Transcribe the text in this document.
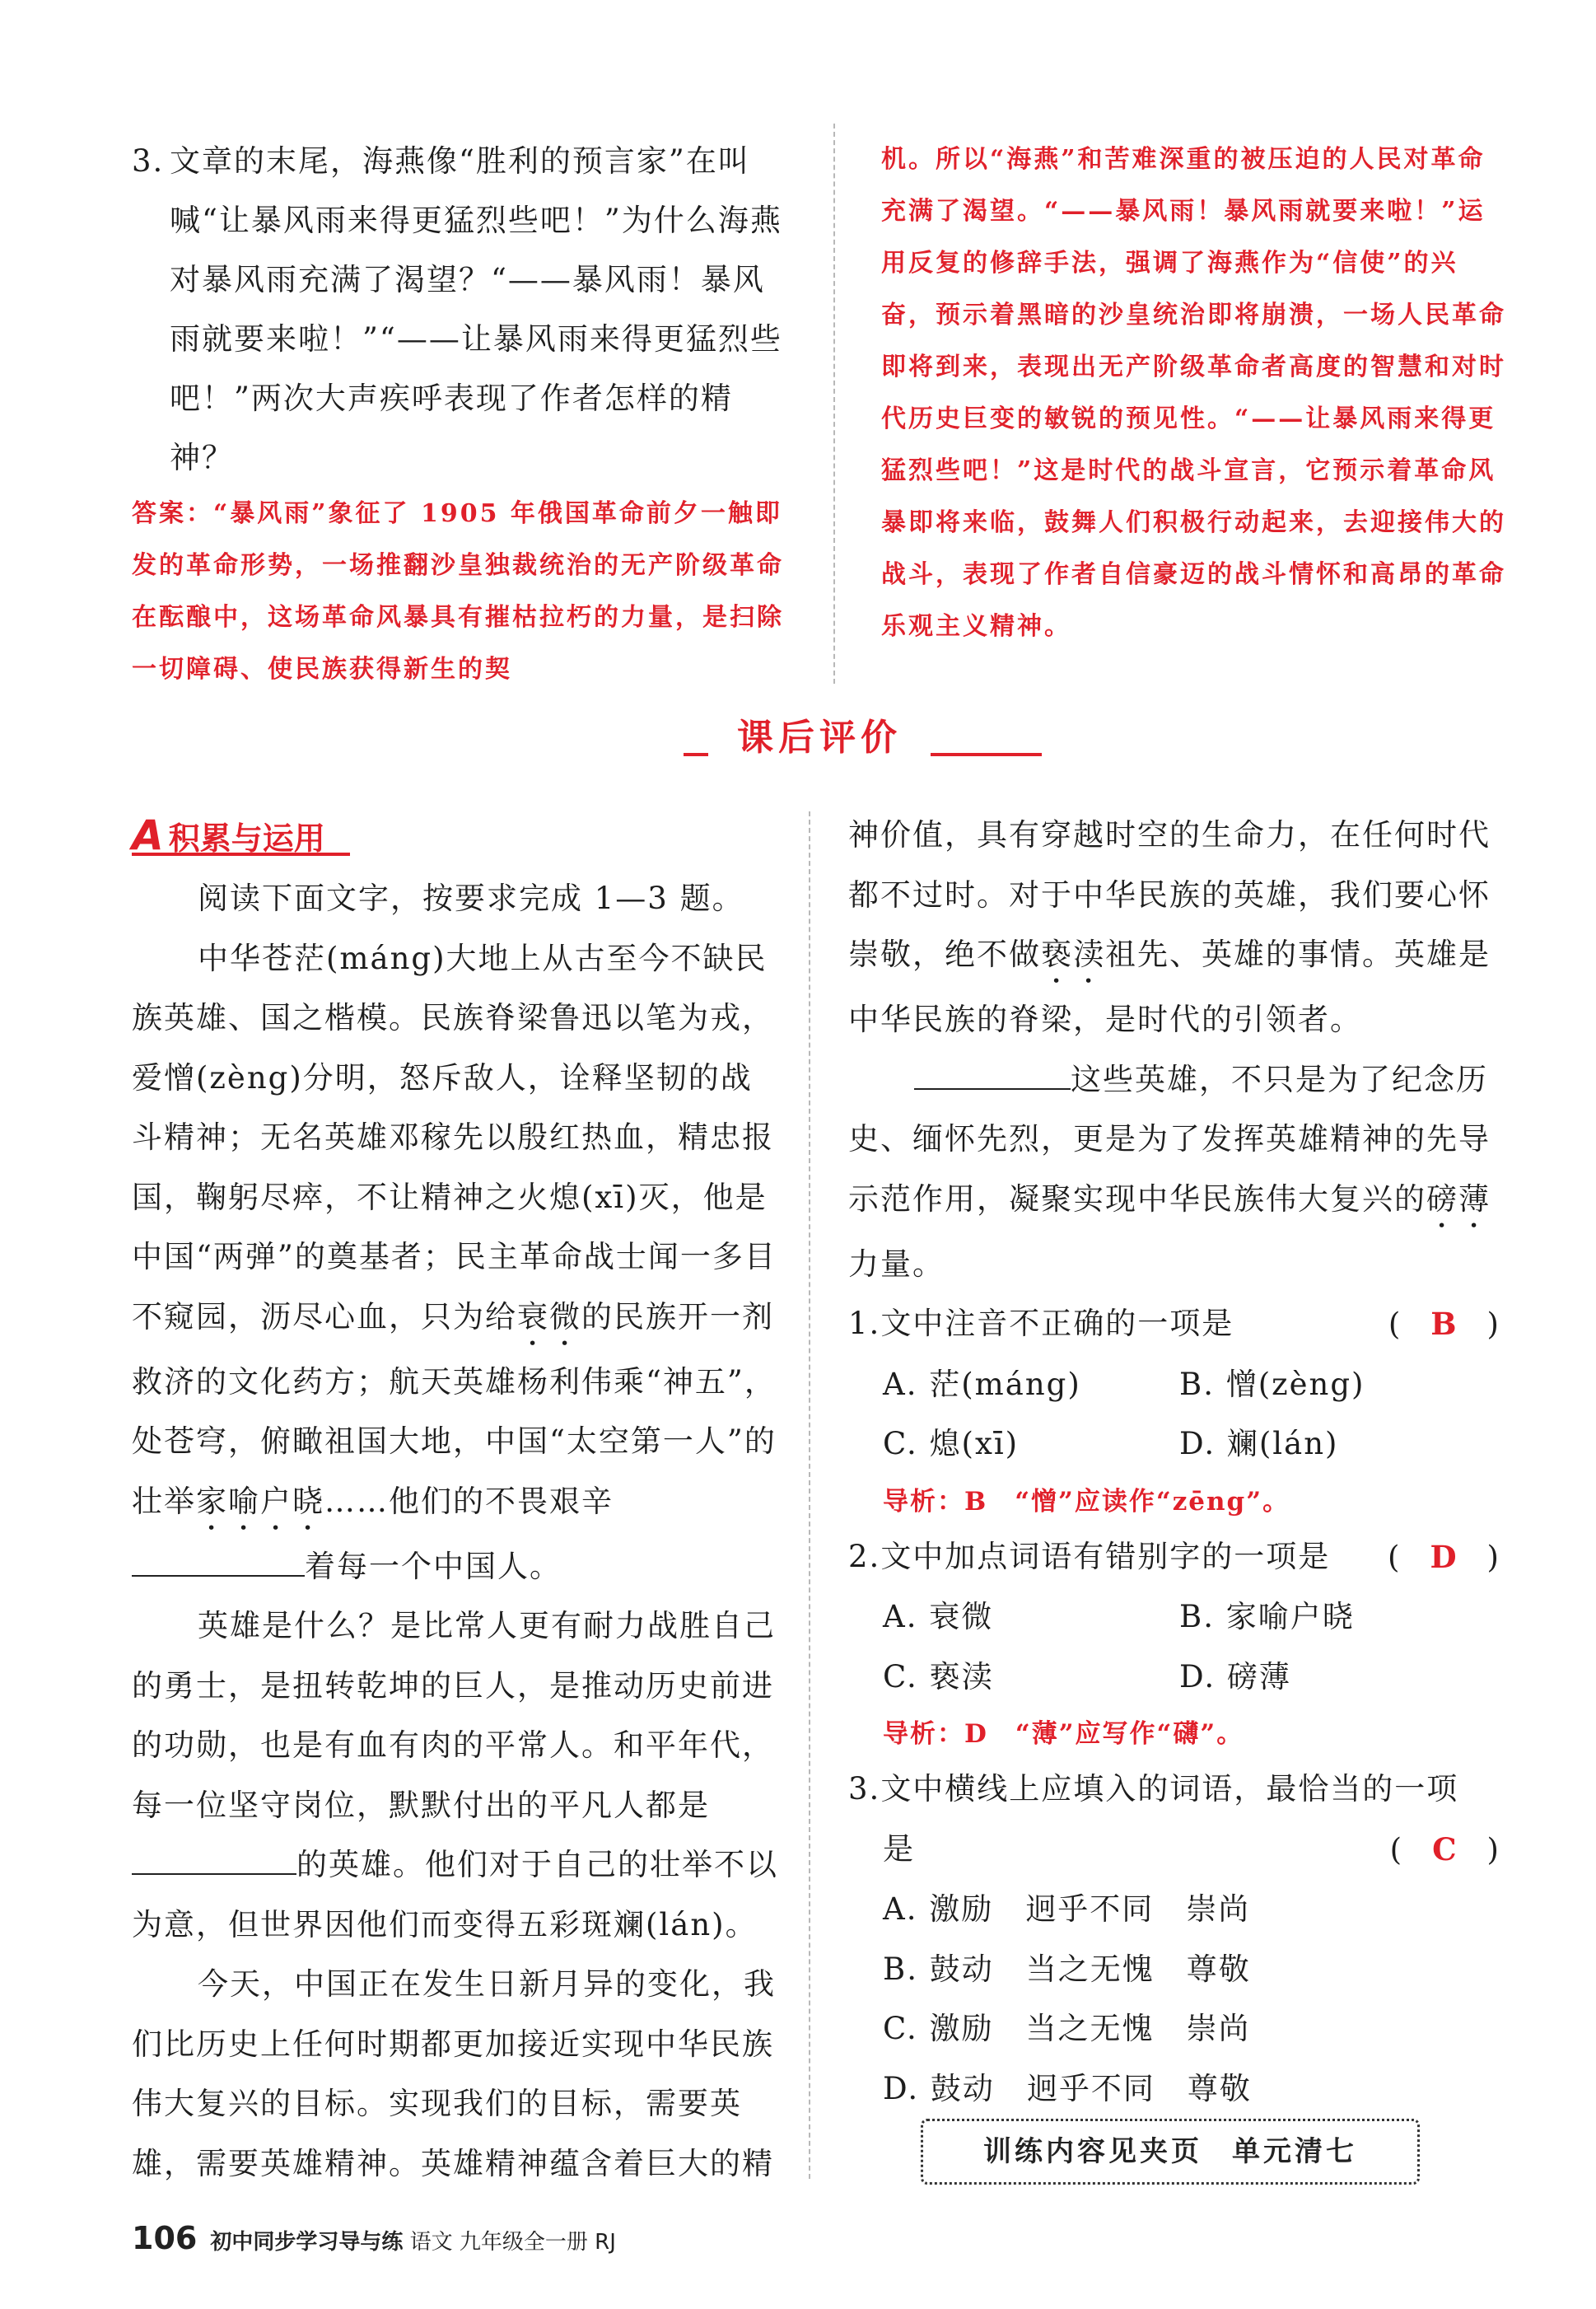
3. 文章的末尾，海燕像“胜利的预言家”在叫喊“让暴风雨来得更猛烈些吧！”为什么海燕对暴风雨充满了渴望？“——暴风雨！暴风雨就要来啦！”“——让暴风雨来得更猛烈些吧！”两次大声疾呼表现了作者怎样的精神？
答案：“暴风雨”象征了 1905 年俄国革命前夕一触即发的革命形势，一场推翻沙皇独裁统治的无产阶级革命在酝酿中，这场革命风暴具有摧枯拉朽的力量，是扫除一切障碍、使民族获得新生的契
机。所以“海燕”和苦难深重的被压迫的人民对革命充满了渴望。“——暴风雨！暴风雨就要来啦！”运用反复的修辞手法，强调了海燕作为“信使”的兴奋，预示着黑暗的沙皇统治即将崩溃，一场人民革命即将到来，表现出无产阶级革命者高度的智慧和对时代历史巨变的敏锐的预见性。“——让暴风雨来得更猛烈些吧！”这是时代的战斗宣言，它预示着革命风暴即将来临，鼓舞人们积极行动起来，去迎接伟大的战斗，表现了作者自信豪迈的战斗情怀和高昂的革命乐观主义精神。
课后评价
A 积累与运用
阅读下面文字，按要求完成 1—3 题。
中华苍茫(máng)大地上从古至今不缺民族英雄、国之楷模。民族脊梁鲁迅以笔为戎，爱憎(zèng)分明，怒斥敌人，诠释坚韧的战斗精神；无名英雄邓稼先以殷红热血，精忠报国，鞠躬尽瘁，不让精神之火熄(xī)灭，他是中国“两弹”的奠基者；民主革命战士闻一多目不窥园，沥尽心血，只为给衰微的民族开一剂救济的文化药方；航天英雄杨利伟乘“神五”，处苍穹，俯瞰祖国大地，中国“太空第一人”的壮举家喻户晓……他们的不畏艰辛着每一个中国人。
英雄是什么？是比常人更有耐力战胜自己的勇士，是扭转乾坤的巨人，是推动历史前进的功勋，也是有血有肉的平常人。和平年代，每一位坚守岗位，默默付出的平凡人都是的英雄。他们对于自己的壮举不以为意，但世界因他们而变得五彩斑斓(lán)。
今天，中国正在发生日新月异的变化，我们比历史上任何时期都更加接近实现中华民族伟大复兴的目标。实现我们的目标，需要英雄，需要英雄精神。英雄精神蕴含着巨大的精
神价值，具有穿越时空的生命力，在任何时代都不过时。对于中华民族的英雄，我们要心怀崇敬，绝不做亵渎祖先、英雄的事情。英雄是中华民族的脊梁，是时代的引领者。
这些英雄，不只是为了纪念历史、缅怀先烈，更是为了发挥英雄精神的先导示范作用，凝聚实现中华民族伟大复兴的磅薄力量。
1.文中注音不正确的一项是	(　B　)
A. 茫(máng)	B. 憎(zèng)
C. 熄(xī)	D. 斓(lán)
导析：B　“憎”应读作“zēng”。
2.文中加点词语有错别字的一项是 (　D　)
A. 衰微	B. 家喻户晓
C. 亵渎	D. 磅薄
导析：D　“薄”应写作“礴”。
3.文中横线上应填入的词语，最恰当的一项
是	(　C　)
A. 激励　迥乎不同　崇尚
B. 鼓动　当之无愧　尊敬
C. 激励　当之无愧　崇尚
D. 鼓动　迥乎不同　尊敬
训练内容见夹页 单元清七
106 初中同步学习导与练 语文 九年级全一册 RJ
